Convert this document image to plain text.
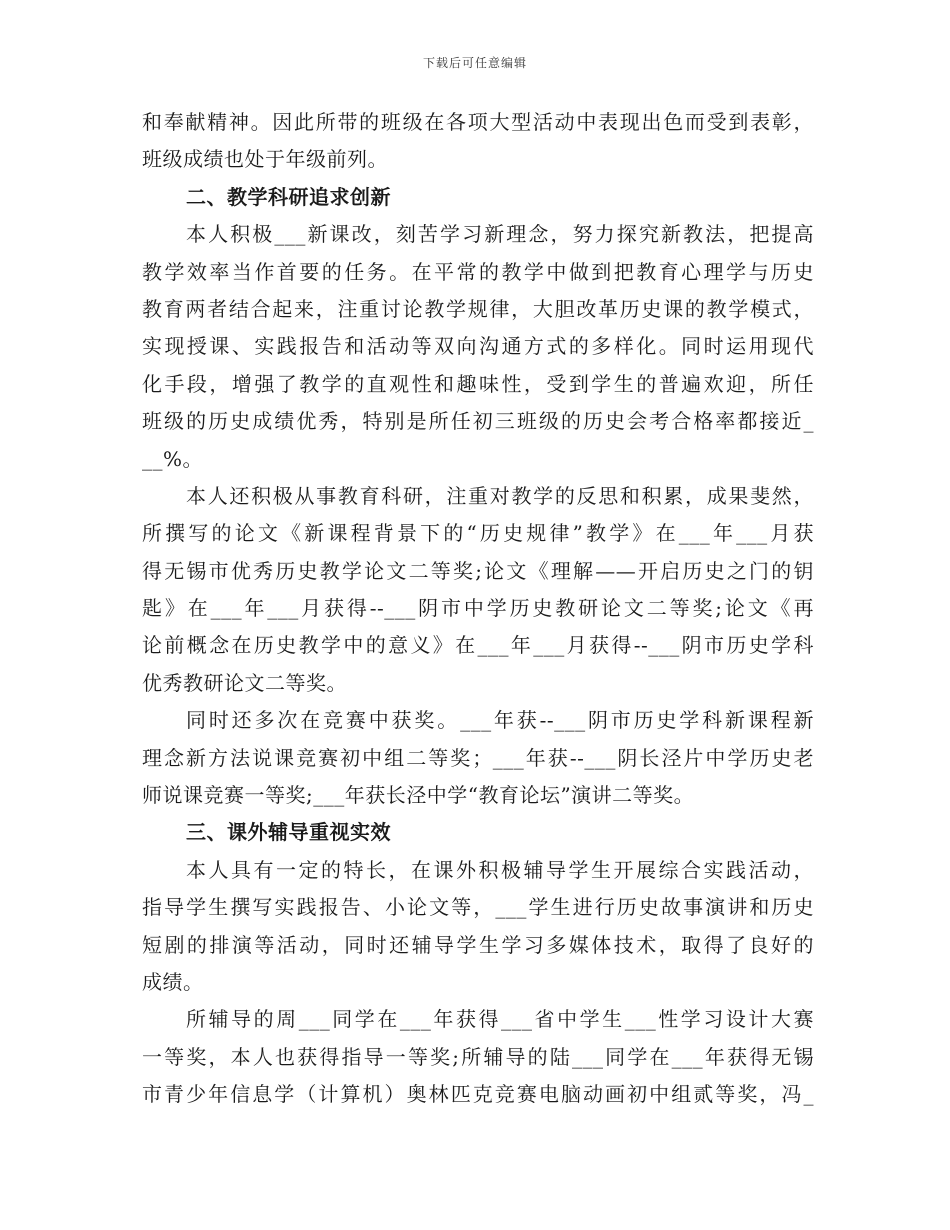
下载后可任意编辑
和奉献精神。因此所带的班级在各项大型活动中表现出色而受到表彰，
班级成绩也处于年级前列。
二、教学科研追求创新
本人积极___新课改，刻苦学习新理念，努力探究新教法，把提高
教学效率当作首要的任务。在平常的教学中做到把教育心理学与历史
教育两者结合起来，注重讨论教学规律，大胆改革历史课的教学模式，
实现授课、实践报告和活动等双向沟通方式的多样化。同时运用现代
化手段，增强了教学的直观性和趣味性，受到学生的普遍欢迎，所任
班级的历史成绩优秀，特别是所任初三班级的历史会考合格率都接近_
__%。
本人还积极从事教育科研，注重对教学的反思和积累，成果斐然，
所撰写的论文《新课程背景下的“历史规律”教学》在___年___月获
得无锡市优秀历史教学论文二等奖;论文《理解——开启历史之门的钥
匙》在___年___月获得--___阴市中学历史教研论文二等奖;论文《再
论前概念在历史教学中的意义》在___年___月获得--___阴市历史学科
优秀教研论文二等奖。
同时还多次在竞赛中获奖。___年获--___阴市历史学科新课程新
理念新方法说课竞赛初中组二等奖；___年获--___阴长泾片中学历史老
师说课竞赛一等奖;___年获长泾中学“教育论坛”演讲二等奖。
三、课外辅导重视实效
本人具有一定的特长，在课外积极辅导学生开展综合实践活动，
指导学生撰写实践报告、小论文等，___学生进行历史故事演讲和历史
短剧的排演等活动，同时还辅导学生学习多媒体技术，取得了良好的
成绩。
所辅导的周___同学在___年获得___省中学生___性学习设计大赛
一等奖，本人也获得指导一等奖;所辅导的陆___同学在___年获得无锡
市青少年信息学（计算机）奥林匹克竞赛电脑动画初中组贰等奖，冯_
